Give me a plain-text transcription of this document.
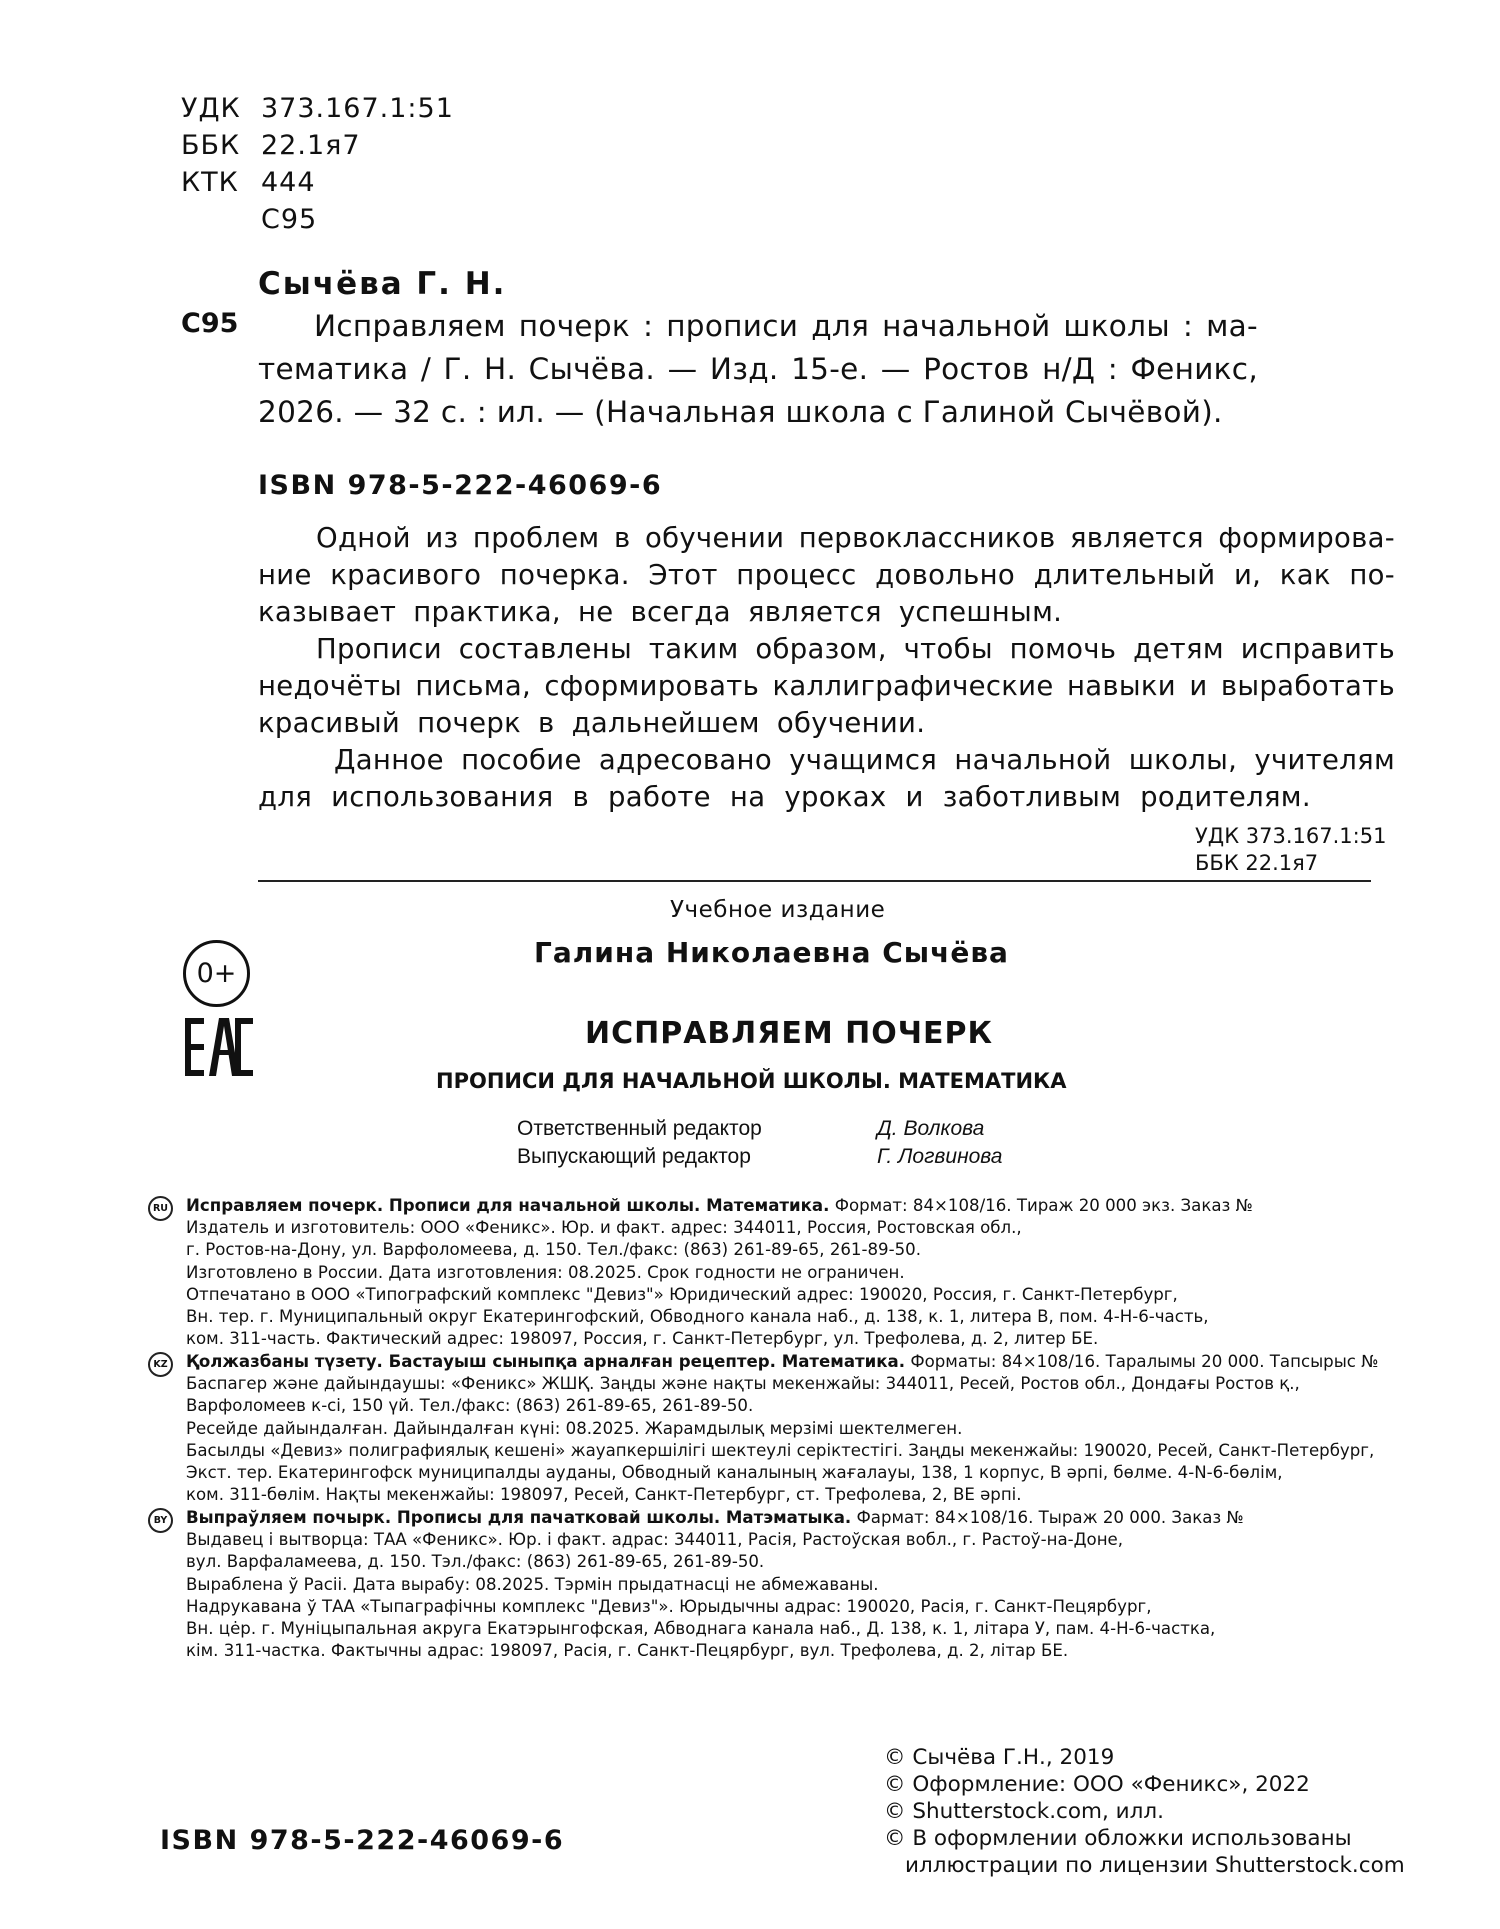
УДК 373.167.1:51
ББК 22.1я7
КТК 444
С95
Сычёва Г. Н.
С95	Исправляем почерк : прописи для начальной школы : ма-
тематика / Г. Н. Сычёва. — Изд. 15-е. — Ростов н/Д : Феникс,
2026. — 32 с. : ил. — (Начальная школа с Галиной Сычёвой).
ISBN 978-5-222-46069-6
Одной из проблем в обучении первоклассников является формирова-
ние красивого почерка. Этот процесс довольно длительный и, как по-
казывает практика, не всегда является успешным.
Прописи составлены таким образом, чтобы помочь детям исправить
недочёты письма, сформировать каллиграфические навыки и выработать
красивый почерк в дальнейшем обучении.
Данное пособие адресовано учащимся начальной школы, учителям
для использования в работе на уроках и заботливым родителям.
УДК 373.167.1:51
ББК 22.1я7
Учебное издание
Галина Николаевна Сычёва
0+
ИСПРАВЛЯЕМ ПОЧЕРК
ПРОПИСИ ДЛЯ НАЧАЛЬНОЙ ШКОЛЫ. МАТЕМАТИКА
Ответственный редактор	Д. Волкова
Выпускающий редактор	Г. Логвинова
RU	Исправляем почерк. Прописи для начальной школы. Математика. Формат: 84×108/16. Тираж 20 000 экз. Заказ №
Издатель и изготовитель: ООО «Феникс». Юр. и факт. адрес: 344011, Россия, Ростовская обл.,
г. Ростов-на-Дону, ул. Варфоломеева, д. 150. Тел./факс: (863) 261-89-65, 261-89-50.
Изготовлено в России. Дата изготовления: 08.2025. Срок годности не ограничен.
Отпечатано в ООО «Типографский комплекс "Девиз"» Юридический адрес: 190020, Россия, г. Санкт-Петербург,
Вн. тер. г. Муниципальный округ Екатерингофский, Обводного канала наб., д. 138, к. 1, литера В, пом. 4-Н-6-часть,
ком. 311-часть. Фактический адрес: 198097, Россия, г. Санкт-Петербург, ул. Трефолева, д. 2, литер БЕ.
KZ	Қолжазбаны түзету. Бастауыш сыныпқа арналған рецептер. Математика. Форматы: 84×108/16. Таралымы 20 000. Тапсырыс №
Баспагер және дайындаушы: «Феникс» ЖШҚ. Заңды және нақты мекенжайы: 344011, Ресей, Ростов обл., Дондағы Ростов қ.,
Варфоломеев к-сі, 150 үй. Тел./факс: (863) 261-89-65, 261-89-50.
Ресейде дайындалған. Дайындалған күні: 08.2025. Жарамдылық мерзімі шектелмеген.
Басылды «Девиз» полиграфиялық кешені» жауапкершілігі шектеулі серіктестігі. Заңды мекенжайы: 190020, Ресей, Санкт-Петербург,
Экст. тер. Екатерингофск муниципалды ауданы, Обводный каналының жағалауы, 138, 1 корпус, В әрпі, бөлме. 4-N-6-бөлім,
ком. 311-бөлім. Нақты мекенжайы: 198097, Ресей, Санкт-Петербург, ст. Трефолева, 2, ВЕ әрпі.
BY	Выпраўляем почырк. Прописы для пачатковай школы. Матэматыка. Фармат: 84×108/16. Тыраж 20 000. Заказ №
Выдавец і вытворца: ТАА «Феникс». Юр. і факт. адрас: 344011, Расія, Растоўская вобл., г. Растоў-на-Доне,
вул. Варфаламеева, д. 150. Тэл./факс: (863) 261-89-65, 261-89-50.
Выраблена ў Расіі. Дата вырабу: 08.2025. Тэрмін прыдатнасці не абмежаваны.
Надрукавана ў ТАА «Тыпаграфічны комплекс "Девиз"». Юрыдычны адрас: 190020, Расія, г. Санкт-Пецярбург,
Вн. цėр. г. Муніцыпальная акруга Екатэрынгофская, Абводнага канала наб., Д. 138, к. 1, літара У, пам. 4-Н-6-часткa,
кім. 311-частка. Фактычны адрас: 198097, Расія, г. Санкт-Пецярбург, вул. Трефолева, д. 2, літар БЕ.
© Сычёва Г.Н., 2019
© Оформление: ООО «Феникс», 2022
© Shutterstock.com, илл.
© В оформлении обложки использованы
иллюстрации по лицензии Shutterstock.com
ISBN 978-5-222-46069-6
